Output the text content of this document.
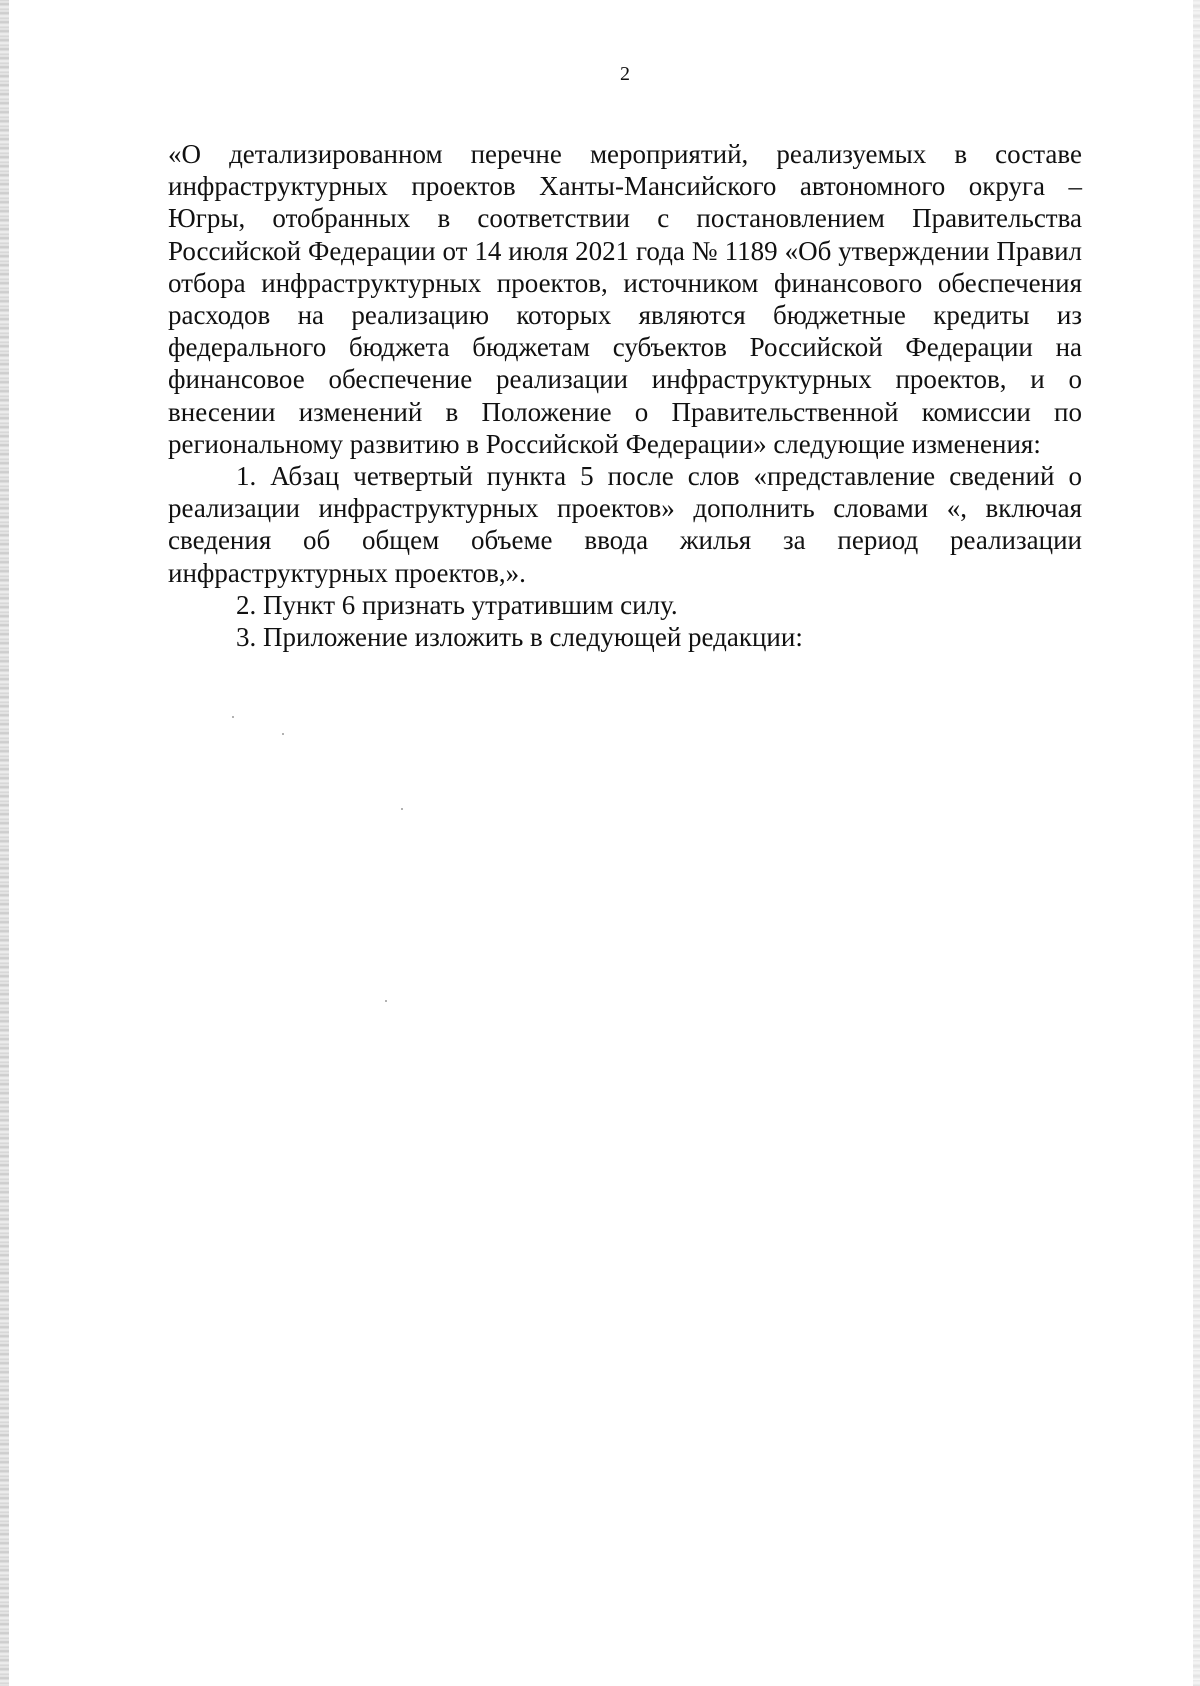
2

«О детализированном перечне мероприятий, реализуемых в составе инфраструктурных проектов Ханты-Мансийского автономного округа – Югры, отобранных в соответствии с постановлением Правительства Российской Федерации от 14 июля 2021 года № 1189 «Об утверждении Правил отбора инфраструктурных проектов, источником финансового обеспечения расходов на реализацию которых являются бюджетные кредиты из федерального бюджета бюджетам субъектов Российской Федерации на финансовое обеспечение реализации инфраструктурных проектов, и о внесении изменений в Положение о Правительственной комиссии по региональному развитию в Российской Федерации» следующие изменения:

1. Абзац четвертый пункта 5 после слов «представление сведений о реализации инфраструктурных проектов» дополнить словами «, включая сведения об общем объеме ввода жилья за период реализации инфраструктурных проектов,».

2. Пункт 6 признать утратившим силу.

3. Приложение изложить в следующей редакции:
